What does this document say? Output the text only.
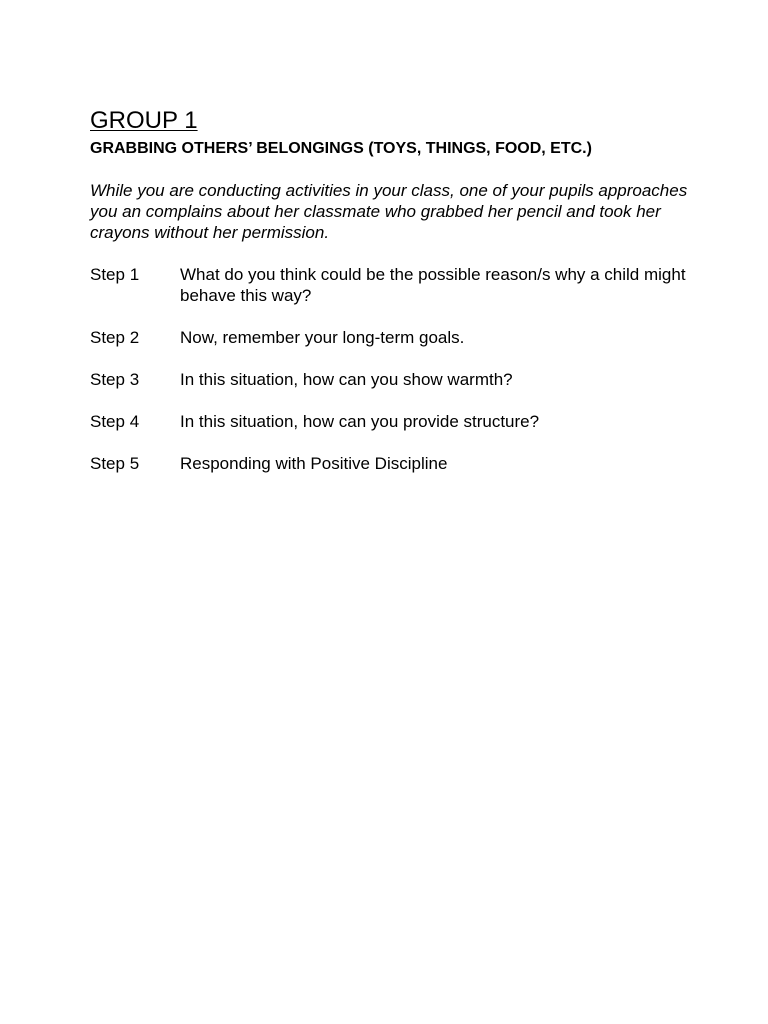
GROUP 1
GRABBING OTHERS’ BELONGINGS (TOYS, THINGS, FOOD, ETC.)

While you are conducting activities in your class, one of your pupils approaches you an complains about her classmate who grabbed her pencil and took her crayons without her permission.

Step 1	What do you think could be the possible reason/s why a child might behave this way?
Step 2	Now, remember your long-term goals.
Step 3	In this situation, how can you show warmth?
Step 4	In this situation, how can you provide structure?
Step 5	Responding with Positive Discipline
